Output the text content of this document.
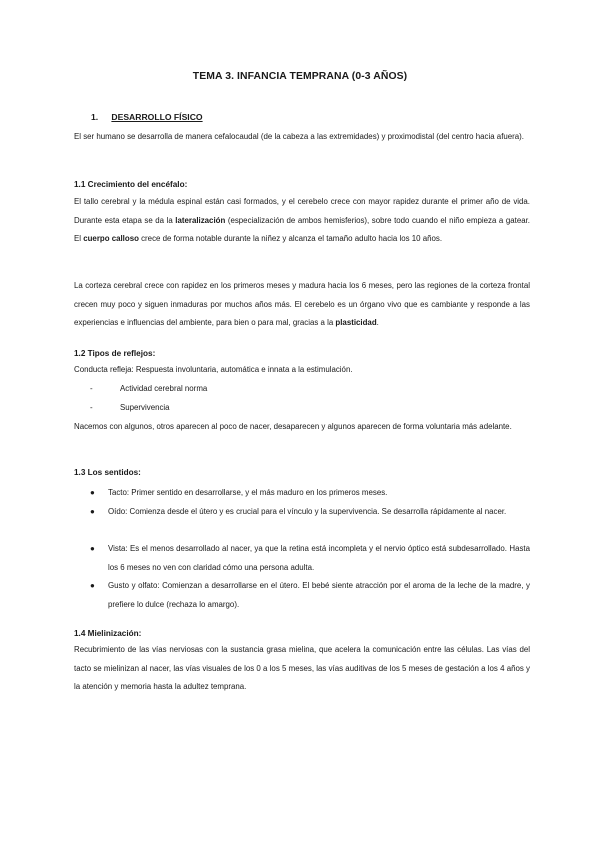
TEMA 3. INFANCIA TEMPRANA (0-3 AÑOS)
1. DESARROLLO FÍSICO
El ser humano se desarrolla de manera cefalocaudal (de la cabeza a las extremidades) y proximodistal (del centro hacia afuera).
1.1 Crecimiento del encéfalo:
El tallo cerebral y la médula espinal están casi formados, y el cerebelo crece con mayor rapidez durante el primer año de vida. Durante esta etapa se da la lateralización (especialización de ambos hemisferios), sobre todo cuando el niño empieza a gatear. El cuerpo calloso crece de forma notable durante la niñez y alcanza el tamaño adulto hacia los 10 años.
La corteza cerebral crece con rapidez en los primeros meses y madura hacia los 6 meses, pero las regiones de la corteza frontal crecen muy poco y siguen inmaduras por muchos años más. El cerebelo es un órgano vivo que es cambiante y responde a las experiencias e influencias del ambiente, para bien o para mal, gracias a la plasticidad.
1.2 Tipos de reflejos:
Conducta refleja: Respuesta involuntaria, automática e innata a la estimulación.
-	Actividad cerebral norma
-	Supervivencia
Nacemos con algunos, otros aparecen al poco de nacer, desaparecen y algunos aparecen de forma voluntaria más adelante.
1.3 Los sentidos:
● Tacto: Primer sentido en desarrollarse, y el más maduro en los primeros meses.
● Oído: Comienza desde el útero y es crucial para el vínculo y la supervivencia. Se desarrolla rápidamente al nacer.
● Vista: Es el menos desarrollado al nacer, ya que la retina está incompleta y el nervio óptico está subdesarrollado. Hasta los 6 meses no ven con claridad cómo una persona adulta.
● Gusto y olfato: Comienzan a desarrollarse en el útero. El bebé siente atracción por el aroma de la leche de la madre, y prefiere lo dulce (rechaza lo amargo).
1.4 Mielinización:
Recubrimiento de las vías nerviosas con la sustancia grasa mielina, que acelera la comunicación entre las células. Las vías del tacto se mielinizan al nacer, las vías visuales de los 0 a los 5 meses, las vías auditivas de los 5 meses de gestación a los 4 años y la atención y memoria hasta la adultez temprana.
